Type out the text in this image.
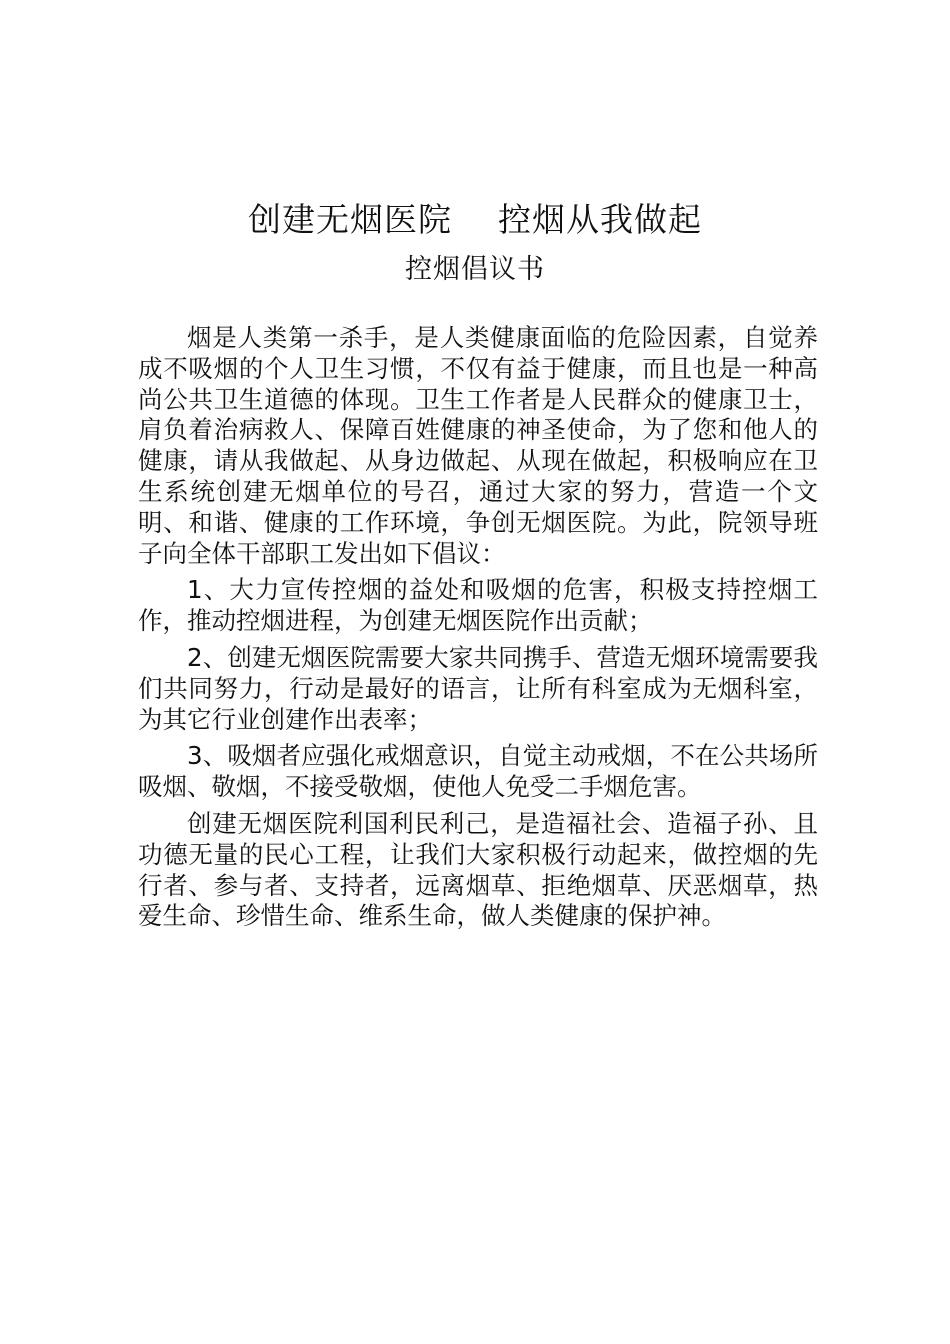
创建无烟医院    控烟从我做起
控烟倡议书

烟是人类第一杀手，是人类健康面临的危险因素，自觉养成不吸烟的个人卫生习惯，不仅有益于健康，而且也是一种高尚公共卫生道德的体现。卫生工作者是人民群众的健康卫士，肩负着治病救人、保障百姓健康的神圣使命，为了您和他人的健康，请从我做起、从身边做起、从现在做起，积极响应在卫生系统创建无烟单位的号召，通过大家的努力，营造一个文明、和谐、健康的工作环境，争创无烟医院。为此，院领导班子向全体干部职工发出如下倡议：

1、大力宣传控烟的益处和吸烟的危害，积极支持控烟工作，推动控烟进程，为创建无烟医院作出贡献；

2、创建无烟医院需要大家共同携手、营造无烟环境需要我们共同努力，行动是最好的语言，让所有科室成为无烟科室，为其它行业创建作出表率；

3、吸烟者应强化戒烟意识，自觉主动戒烟，不在公共场所吸烟、敬烟，不接受敬烟，使他人免受二手烟危害。

创建无烟医院利国利民利己，是造福社会、造福子孙、且功德无量的民心工程，让我们大家积极行动起来，做控烟的先行者、参与者、支持者，远离烟草、拒绝烟草、厌恶烟草，热爱生命、珍惜生命、维系生命，做人类健康的保护神。
